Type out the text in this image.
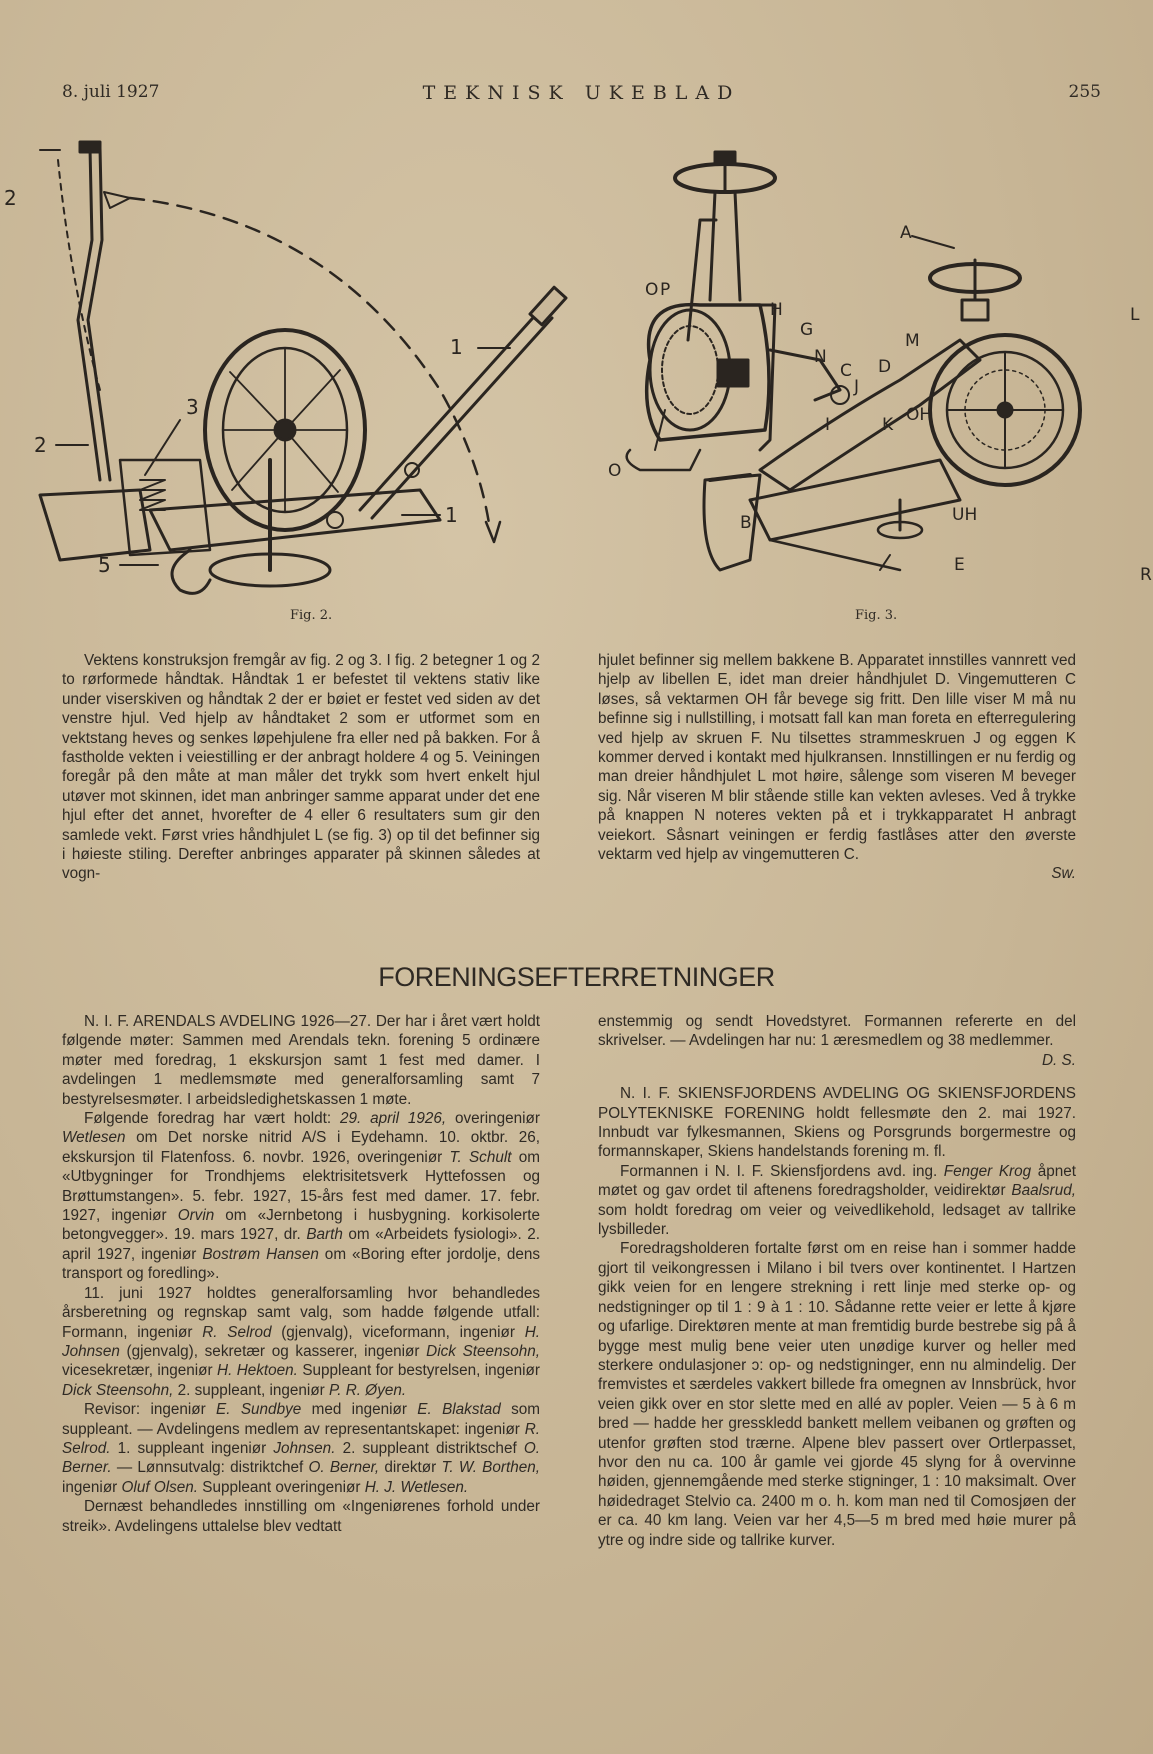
8. juli 1927	TEKNISK UKEBLAD	255
2
3
1
2
5
1
Fig. 2.
A
L
O P
H
G
N
C
M
D
J
OH
I	K
O
B	UH
E	R
Fig. 3.

Vektens konstruksjon fremgår av fig. 2 og 3. I fig. 2 betegner 1 og 2 to rørformede håndtak. Håndtak 1 er befestet til vektens stativ like under viserskiven og håndtak 2 der er bøiet er festet ved siden av det venstre hjul. Ved hjelp av håndtaket 2 som er utformet som en vektstang heves og senkes løpehjulene fra eller ned på bakken. For å fastholde vekten i veiestilling er der anbragt holdere 4 og 5. Veiningen foregår på den måte at man måler det trykk som hvert enkelt hjul utøver mot skinnen, idet man anbringer samme apparat under det ene hjul efter det annet, hvorefter de 4 eller 6 resultaters sum gir den samlede vekt. Først vries håndhjulet L (se fig. 3) op til det befinner sig i høieste stiling. Derefter anbringes apparater på skinnen således at vogn-

hjulet befinner sig mellem bakkene B. Apparatet innstilles vannrett ved hjelp av libellen E, idet man dreier håndhjulet D. Vingemutteren C løses, så vektarmen OH får bevege sig fritt. Den lille viser M må nu befinne sig i nullstilling, i motsatt fall kan man foreta en efterregulering ved hjelp av skruen F. Nu tilsettes strammeskruen J og eggen K kommer derved i kontakt med hjulkransen. Innstillingen er nu ferdig og man dreier håndhjulet L mot høire, sålenge som viseren M beveger sig. Når viseren M blir stående stille kan vekten avleses. Ved å trykke på knappen N noteres vekten på et i trykkapparatet H anbragt veiekort. Såsnart veiningen er ferdig fastlåses atter den øverste vektarm ved hjelp av vingemutteren C.

Sw.

FORENINGSEFTERRETNINGER

N. I. F. ARENDALS AVDELING 1926—27. Der har i året vært holdt følgende møter: Sammen med Arendals tekn. forening 5 ordinære møter med foredrag, 1 ekskursjon samt 1 fest med damer. I avdelingen 1 medlemsmøte med generalforsamling samt 7 bestyrelsesmøter. I arbeidsledighetskassen 1 møte.

Følgende foredrag har vært holdt: 29. april 1926, overingeniør Wetlesen om Det norske nitrid A/S i Eydehamn. 10. oktbr. 26, ekskursjon til Flatenfoss. 6. novbr. 1926, overingeniør T. Schult om «Utbygninger for Trondhjems elektrisitetsverk Hyttefossen og Brøttumstangen». 5. febr. 1927, 15-års fest med damer. 17. febr. 1927, ingeniør Orvin om «Jernbetong i husbygning. korkisolerte betongvegger». 19. mars 1927, dr. Barth om «Arbeidets fysiologi». 2. april 1927, ingeniør Bostrøm Hansen om «Boring efter jordolje, dens transport og foredling».

11. juni 1927 holdtes generalforsamling hvor behandledes årsberetning og regnskap samt valg, som hadde følgende utfall: Formann, ingeniør R. Selrod (gjenvalg), viceformann, ingeniør H. Johnsen (gjenvalg), sekretær og kasserer, ingeniør Dick Steensohn, vicesekretær, ingeniør H. Hektoen. Suppleant for bestyrelsen, ingeniør Dick Steensohn, 2. suppleant, ingeniør P. R. Øyen.

Revisor: ingeniør E. Sundbye med ingeniør E. Blakstad som suppleant. — Avdelingens medlem av representantskapet: ingeniør R. Selrod. 1. suppleant ingeniør Johnsen. 2. suppleant distriktschef O. Berner. — Lønnsutvalg: distriktchef O. Berner, direktør T. W. Borthen, ingeniør Oluf Olsen. Suppleant overingeniør H. J. Wetlesen.

Dernæst behandledes innstilling om «Ingeniørenes forhold under streik». Avdelingens uttalelse blev vedtatt

enstemmig og sendt Hovedstyret. Formannen refererte en del skrivelser. — Avdelingen har nu: 1 æresmedlem og 38 medlemmer.

D. S.

N. I. F. SKIENSFJORDENS AVDELING OG SKIENSFJORDENS POLYTEKNISKE FORENING holdt fellesmøte den 2. mai 1927. Innbudt var fylkesmannen, Skiens og Porsgrunds borgermestre og formannskaper, Skiens handelstands forening m. fl.

Formannen i N. I. F. Skiensfjordens avd. ing. Fenger Krog åpnet møtet og gav ordet til aftenens foredragsholder, veidirektør Baalsrud, som holdt foredrag om veier og veivedlikehold, ledsaget av tallrike lysbilleder.

Foredragsholderen fortalte først om en reise han i sommer hadde gjort til veikongressen i Milano i bil tvers over kontinentet. I Hartzen gikk veien for en lengere strekning i rett linje med sterke op- og nedstigninger op til 1 : 9 à 1 : 10. Sådanne rette veier er lette å kjøre og ufarlige. Direktøren mente at man fremtidig burde bestrebe sig på å bygge mest mulig bene veier uten unødige kurver og heller med sterkere ondulasjoner ɔ: op- og nedstigninger, enn nu almindelig. Der fremvistes et særdeles vakkert billede fra omegnen av Innsbrück, hvor veien gikk over en stor slette med en allé av popler. Veien — 5 à 6 m bred — hadde her gresskledd bankett mellem veibanen og grøften og utenfor grøften stod trærne. Alpene blev passert over Ortlerpasset, hvor den nu ca. 100 år gamle vei gjorde 45 slyng for å overvinne høiden, gjennemgående med sterke stigninger, 1 : 10 maksimalt. Over høidedraget Stelvio ca. 2400 m o. h. kom man ned til Comosjøen der er ca. 40 km lang. Veien var her 4,5—5 m bred med høie murer på ytre og indre side og tallrike kurver.
